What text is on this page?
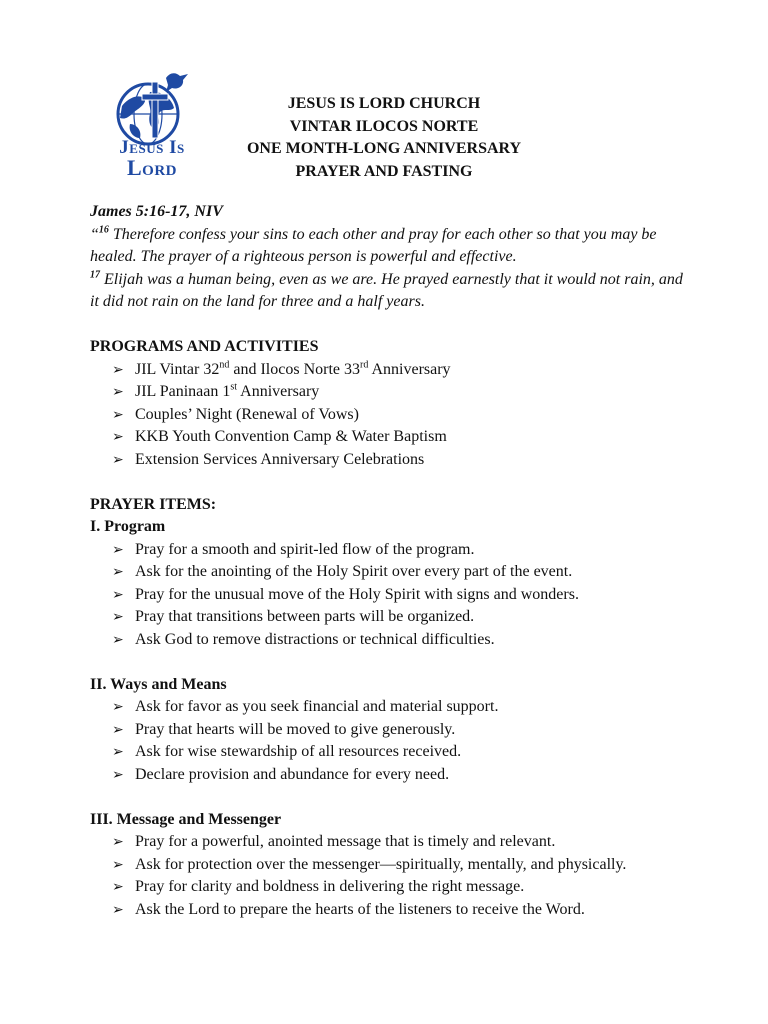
Jesus Is
Lord
JESUS IS LORD CHURCH
VINTAR ILOCOS NORTE
ONE MONTH-LONG ANNIVERSARY
PRAYER AND FASTING

James 5:16-17, NIV

“$^{16}$ Therefore confess your sins to each other and pray for each other so that you may be healed. The prayer of a righteous person is powerful and effective.

$^{17}$ Elijah was a human being, even as we are. He prayed earnestly that it would not rain, and it did not rain on the land for three and a half years.

PROGRAMS AND ACTIVITIES

➢ JIL Vintar 32nd and Ilocos Norte 33rd Anniversary
➢ JIL Paninaan 1st Anniversary
➢ Couples’ Night (Renewal of Vows)
➢ KKB Youth Convention Camp & Water Baptism
➢ Extension Services Anniversary Celebrations

PRAYER ITEMS:

I. Program

➢ Pray for a smooth and spirit-led flow of the program.
➢ Ask for the anointing of the Holy Spirit over every part of the event.
➢ Pray for the unusual move of the Holy Spirit with signs and wonders.
➢ Pray that transitions between parts will be organized.
➢ Ask God to remove distractions or technical difficulties.

II. Ways and Means

➢ Ask for favor as you seek financial and material support.
➢ Pray that hearts will be moved to give generously.
➢ Ask for wise stewardship of all resources received.
➢ Declare provision and abundance for every need.

III. Message and Messenger

➢ Pray for a powerful, anointed message that is timely and relevant.
➢ Ask for protection over the messenger—spiritually, mentally, and physically.
➢ Pray for clarity and boldness in delivering the right message.
➢ Ask the Lord to prepare the hearts of the listeners to receive the Word.
